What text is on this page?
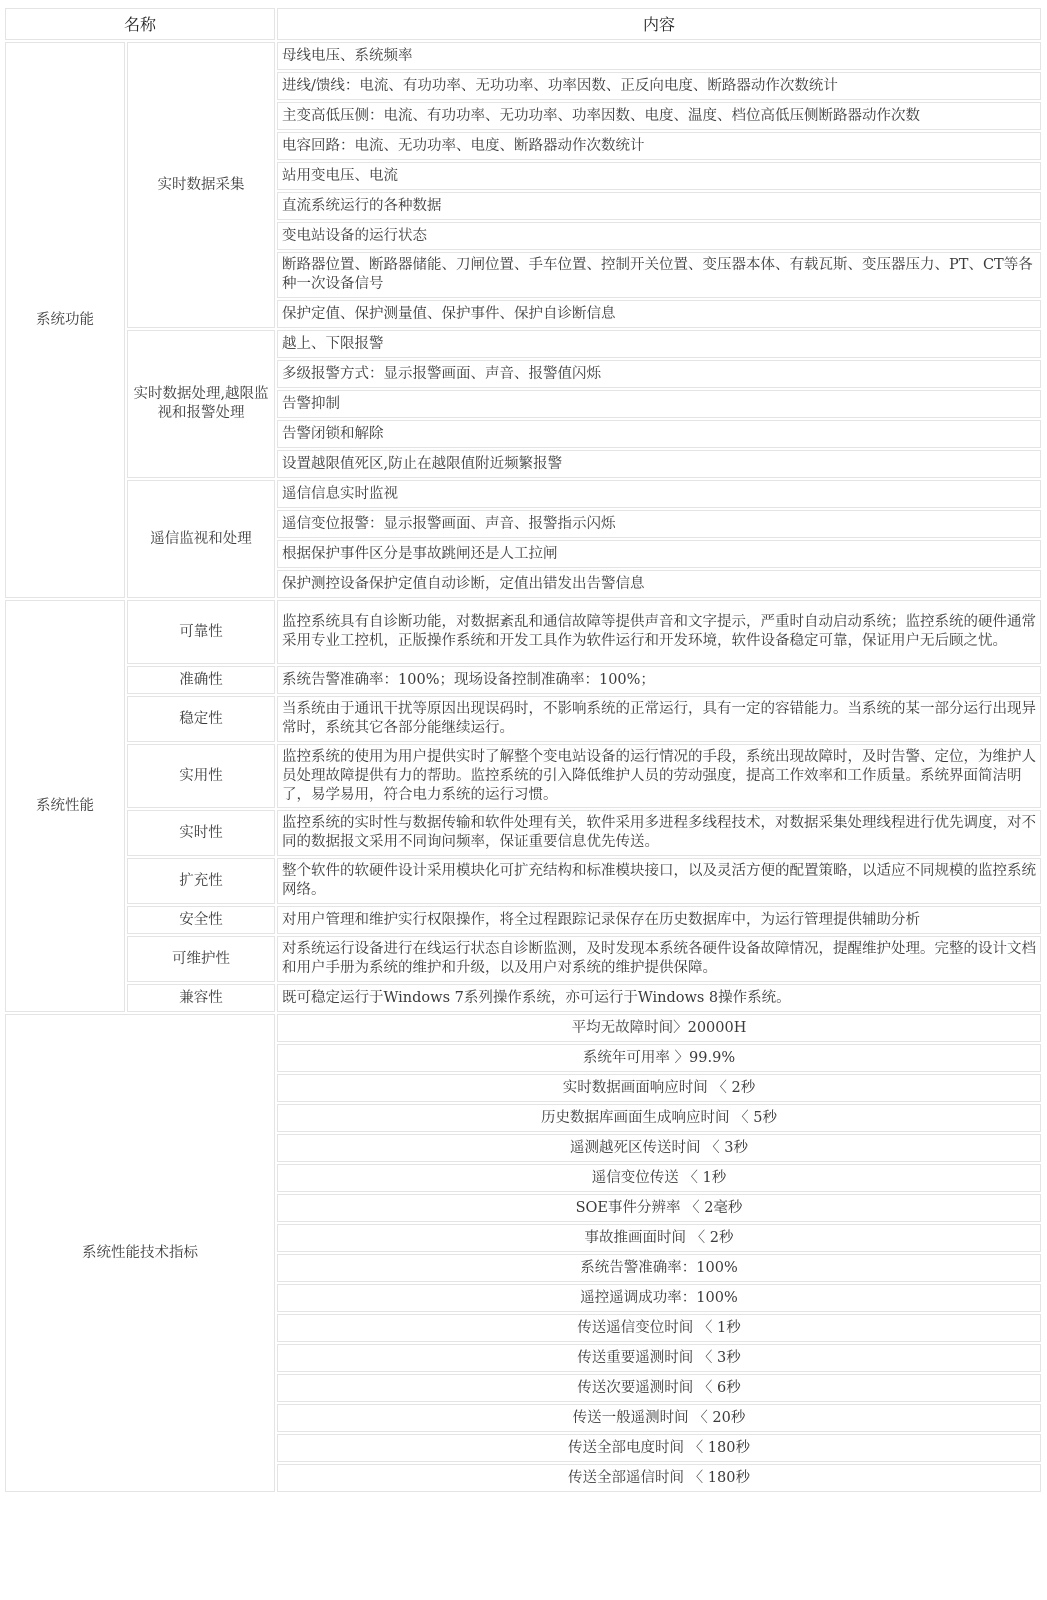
名称		内容
系统功能	实时数据采集	母线电压、系统频率
		进线/馈线：电流、有功功率、无功功率、功率因数、正反向电度、断路器动作次数统计
		主变高低压侧：电流、有功功率、无功功率、功率因数、电度、温度、档位高低压侧断路器动作次数
		电容回路：电流、无功功率、电度、断路器动作次数统计
		站用变电压、电流
		直流系统运行的各种数据
		变电站设备的运行状态
		断路器位置、断路器储能、刀闸位置、手车位置、控制开关位置、变压器本体、有载瓦斯、变压器压力、PT、CT等各种一次设备信号
		保护定值、保护测量值、保护事件、保护自诊断信息
	实时数据处理,越限监视和报警处理	越上、下限报警
		多级报警方式：显示报警画面、声音、报警值闪烁
		告警抑制
		告警闭锁和解除
		设置越限值死区,防止在越限值附近频繁报警
	遥信监视和处理	遥信信息实时监视
		遥信变位报警：显示报警画面、声音、报警指示闪烁
		根据保护事件区分是事故跳闸还是人工拉闸
		保护测控设备保护定值自动诊断，定值出错发出告警信息
系统性能	可靠性	监控系统具有自诊断功能，对数据紊乱和通信故障等提供声音和文字提示，严重时自动启动系统；监控系统的硬件通常采用专业工控机，正版操作系统和开发工具作为软件运行和开发环境，软件设备稳定可靠，保证用户无后顾之忧。
	准确性	系统告警准确率：100%；现场设备控制准确率：100%；
	稳定性	当系统由于通讯干扰等原因出现误码时，不影响系统的正常运行，具有一定的容错能力。当系统的某一部分运行出现异常时，系统其它各部分能继续运行。
	实用性	监控系统的使用为用户提供实时了解整个变电站设备的运行情况的手段，系统出现故障时，及时告警、定位，为维护人员处理故障提供有力的帮助。监控系统的引入降低维护人员的劳动强度，提高工作效率和工作质量。系统界面简洁明了，易学易用，符合电力系统的运行习惯。
	实时性	监控系统的实时性与数据传输和软件处理有关，软件采用多进程多线程技术，对数据采集处理线程进行优先调度，对不同的数据报文采用不同询问频率，保证重要信息优先传送。
	扩充性	整个软件的软硬件设计采用模块化可扩充结构和标准模块接口，以及灵活方便的配置策略，以适应不同规模的监控系统网络。
	安全性	对用户管理和维护实行权限操作，将全过程跟踪记录保存在历史数据库中，为运行管理提供辅助分析
	可维护性	对系统运行设备进行在线运行状态自诊断监测，及时发现本系统各硬件设备故障情况，提醒维护处理。完整的设计文档和用户手册为系统的维护和升级，以及用户对系统的维护提供保障。
	兼容性	既可稳定运行于Windows 7系列操作系统，亦可运行于Windows 8操作系统。
系统性能技术指标		平均无故障时间〉20000H
		系统年可用率 〉99.9%
		实时数据画面响应时间 〈 2秒
		历史数据库画面生成响应时间 〈 5秒
		遥测越死区传送时间 〈 3秒
		遥信变位传送 〈 1秒
		SOE事件分辨率 〈 2毫秒
		事故推画面时间 〈 2秒
		系统告警准确率：100%
		遥控遥调成功率：100%
		传送遥信变位时间 〈 1秒
		传送重要遥测时间 〈 3秒
		传送次要遥测时间 〈 6秒
		传送一般遥测时间 〈 20秒
		传送全部电度时间 〈 180秒
		传送全部遥信时间 〈 180秒
